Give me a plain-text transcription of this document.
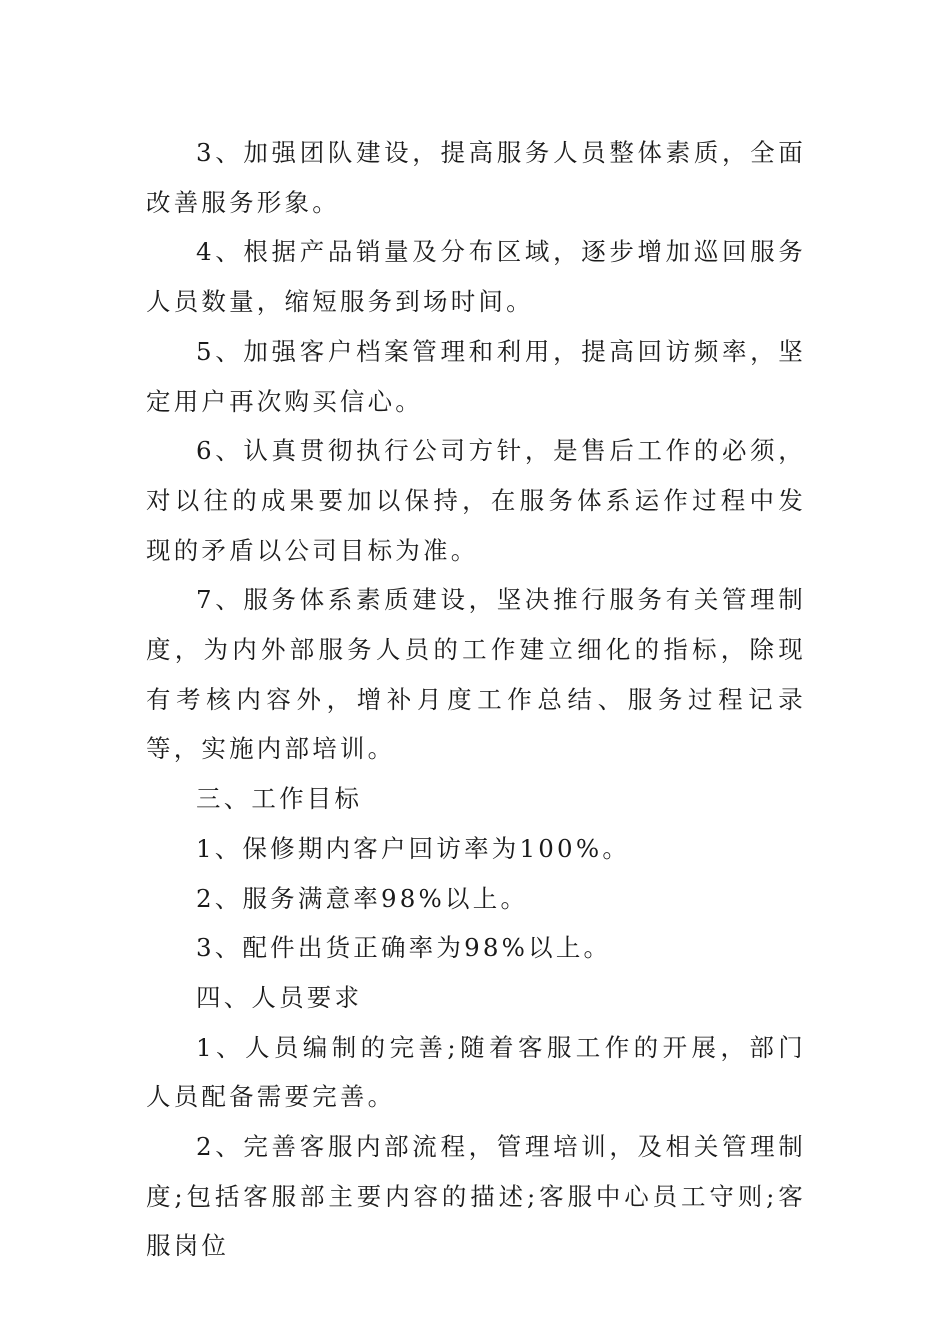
3、加强团队建设，提高服务人员整体素质，全面改善服务形象。

4、根据产品销量及分布区域，逐步增加巡回服务人员数量，缩短服务到场时间。

5、加强客户档案管理和利用，提高回访频率，坚定用户再次购买信心。

6、认真贯彻执行公司方针，是售后工作的必须，对以往的成果要加以保持，在服务体系运作过程中发现的矛盾以公司目标为准。

7、服务体系素质建设，坚决推行服务有关管理制度，为内外部服务人员的工作建立细化的指标，除现有考核内容外，增补月度工作总结、服务过程记录等，实施内部培训。

三、工作目标

1、保修期内客户回访率为100%。

2、服务满意率98%以上。

3、配件出货正确率为98%以上。

四、人员要求

1、人员编制的完善;随着客服工作的开展，部门人员配备需要完善。

2、完善客服内部流程，管理培训，及相关管理制度;包括客服部主要内容的描述;客服中心员工守则;客服岗位
